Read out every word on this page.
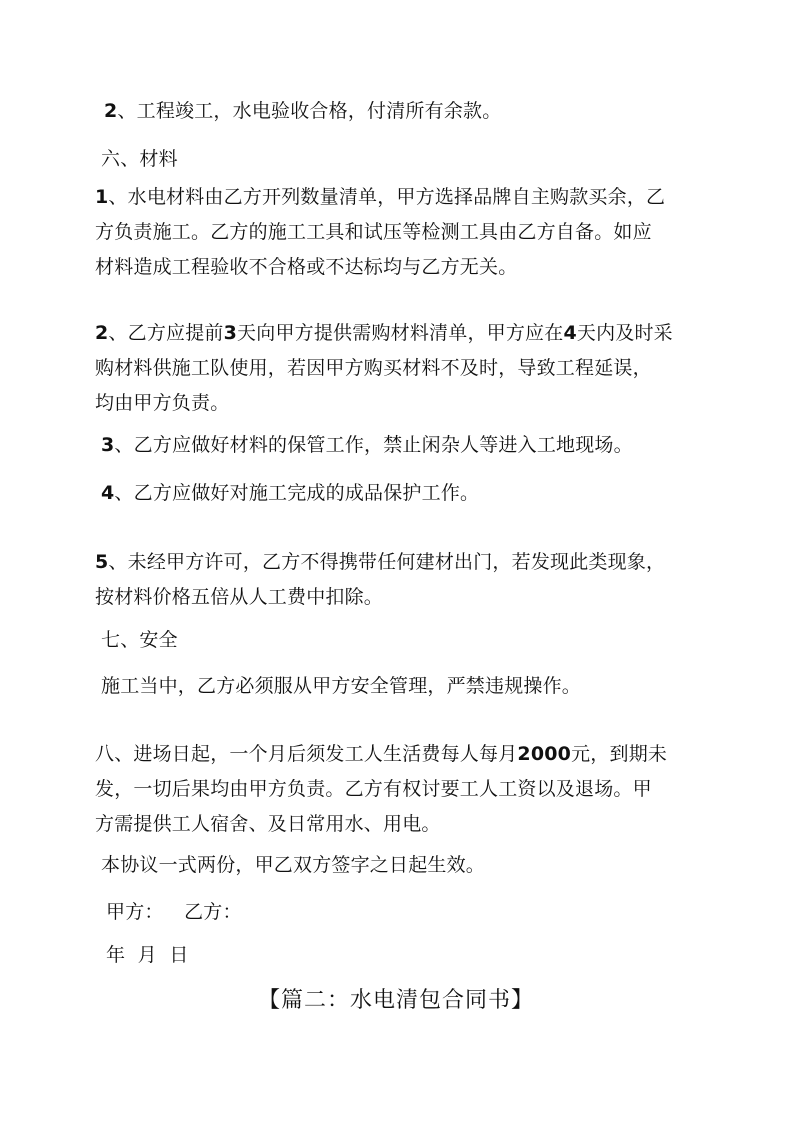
2、工程竣工，水电验收合格，付清所有余款。
六、材料
1、水电材料由乙方开列数量清单，甲方选择品牌自主购款买余，乙
方负责施工。乙方的施工工具和试压等检测工具由乙方自备。如应
材料造成工程验收不合格或不达标均与乙方无关。
2、乙方应提前3天向甲方提供需购材料清单，甲方应在4天内及时采
购材料供施工队使用，若因甲方购买材料不及时，导致工程延误，
均由甲方负责。
3、乙方应做好材料的保管工作，禁止闲杂人等进入工地现场。
4、乙方应做好对施工完成的成品保护工作。
5、未经甲方许可，乙方不得携带任何建材出门，若发现此类现象，
按材料价格五倍从人工费中扣除。
七、安全
施工当中，乙方必须服从甲方安全管理，严禁违规操作。
八、进场日起，一个月后须发工人生活费每人每月2000元，到期未
发，一切后果均由甲方负责。乙方有权讨要工人工资以及退场。甲
方需提供工人宿舍、及日常用水、用电。
本协议一式两份，甲乙双方签字之日起生效。
甲方： 乙方：
年  月  日
【篇二：水电清包合同书】
